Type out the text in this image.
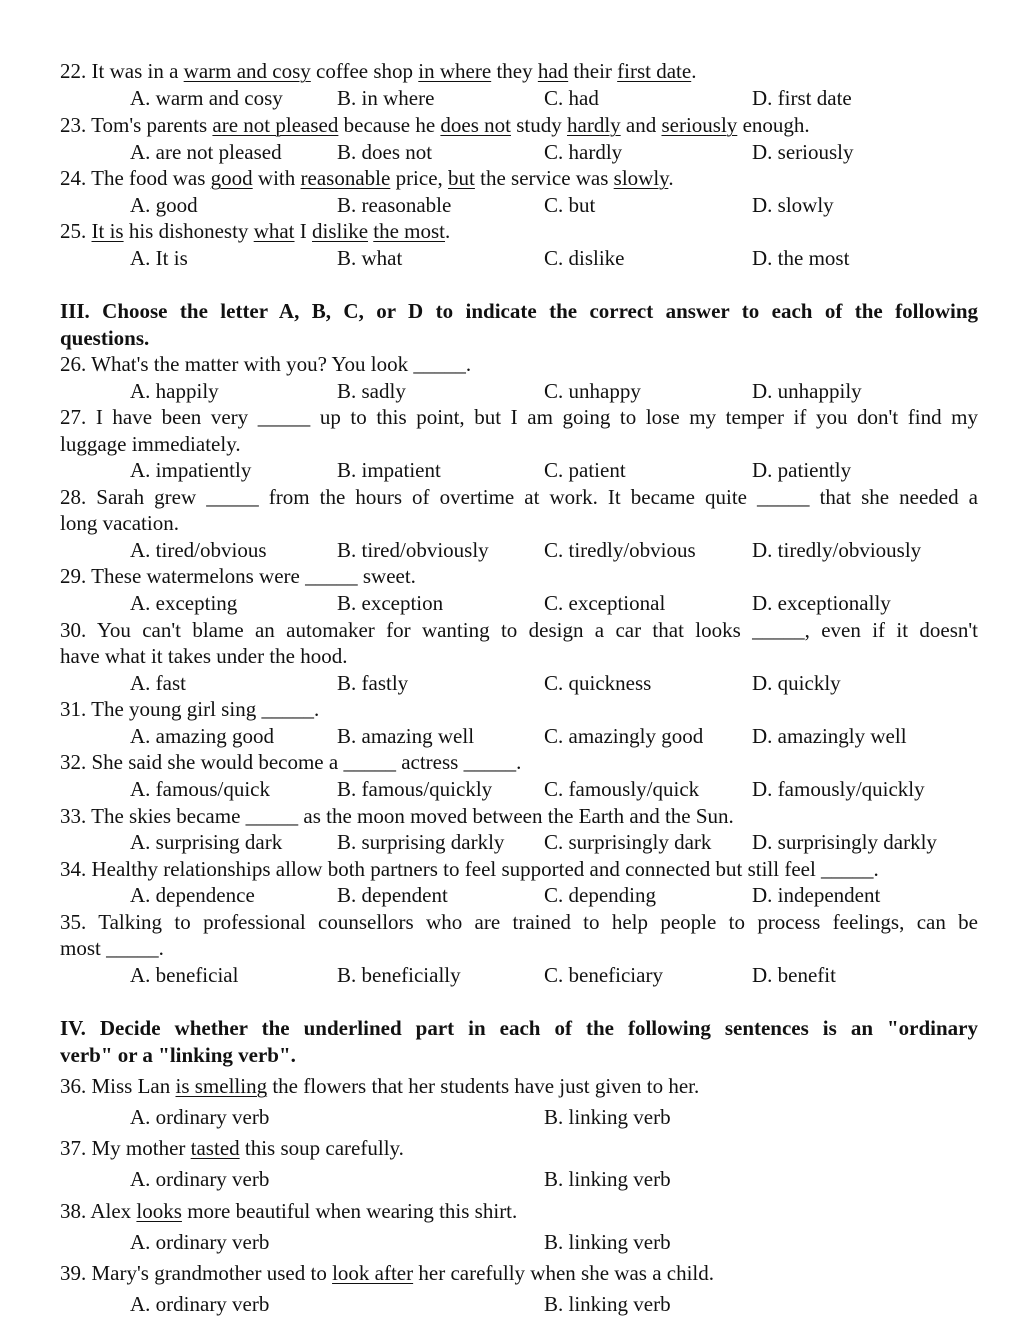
22. It was in a warm and cosy coffee shop in where they had their first date.
A. warm and cosy	B. in where	C. had	D. first date
23. Tom's parents are not pleased because he does not study hardly and seriously enough.
A. are not pleased	B. does not	C. hardly	D. seriously
24. The food was good with reasonable price, but the service was slowly.
A. good	B. reasonable	C. but	D. slowly
25. It is his dishonesty what I dislike the most.
A. It is	B. what	C. dislike	D. the most
III. Choose the letter A, B, C, or D to indicate the correct answer to each of the following
questions.
26. What's the matter with you? You look _____.
A. happily	B. sadly	C. unhappy	D. unhappily
27. I have been very _____ up to this point, but I am going to lose my temper if you don't find my
luggage immediately.
A. impatiently	B. impatient	C. patient	D. patiently
28. Sarah grew _____ from the hours of overtime at work. It became quite _____ that she needed a
long vacation.
A. tired/obvious	B. tired/obviously	C. tiredly/obvious	D. tiredly/obviously
29. These watermelons were _____ sweet.
A. excepting	B. exception	C. exceptional	D. exceptionally
30. You can't blame an automaker for wanting to design a car that looks _____, even if it doesn't
have what it takes under the hood.
A. fast	B. fastly	C. quickness	D. quickly
31. The young girl sing _____.
A. amazing good	B. amazing well	C. amazingly good D. amazingly well
32. She said she would become a _____ actress _____.
A. famous/quick	B. famous/quickly C. famously/quick	D. famously/quickly
33. The skies became _____ as the moon moved between the Earth and the Sun.
A. surprising dark	B. surprising darkly C. surprisingly dark D. surprisingly darkly
34. Healthy relationships allow both partners to feel supported and connected but still feel _____.
A. dependence	B. dependent	C. depending	D. independent
35. Talking to professional counsellors who are trained to help people to process feelings, can be
most _____.
A. beneficial	B. beneficially	C. beneficiary	D. benefit
IV. Decide whether the underlined part in each of the following sentences is an "ordinary
verb" or a "linking verb".
36. Miss Lan is smelling the flowers that her students have just given to her.
A. ordinary verb	B. linking verb
37. My mother tasted this soup carefully.
A. ordinary verb	B. linking verb
38. Alex looks more beautiful when wearing this shirt.
A. ordinary verb	B. linking verb
39. Mary's grandmother used to look after her carefully when she was a child.
A. ordinary verb	B. linking verb
